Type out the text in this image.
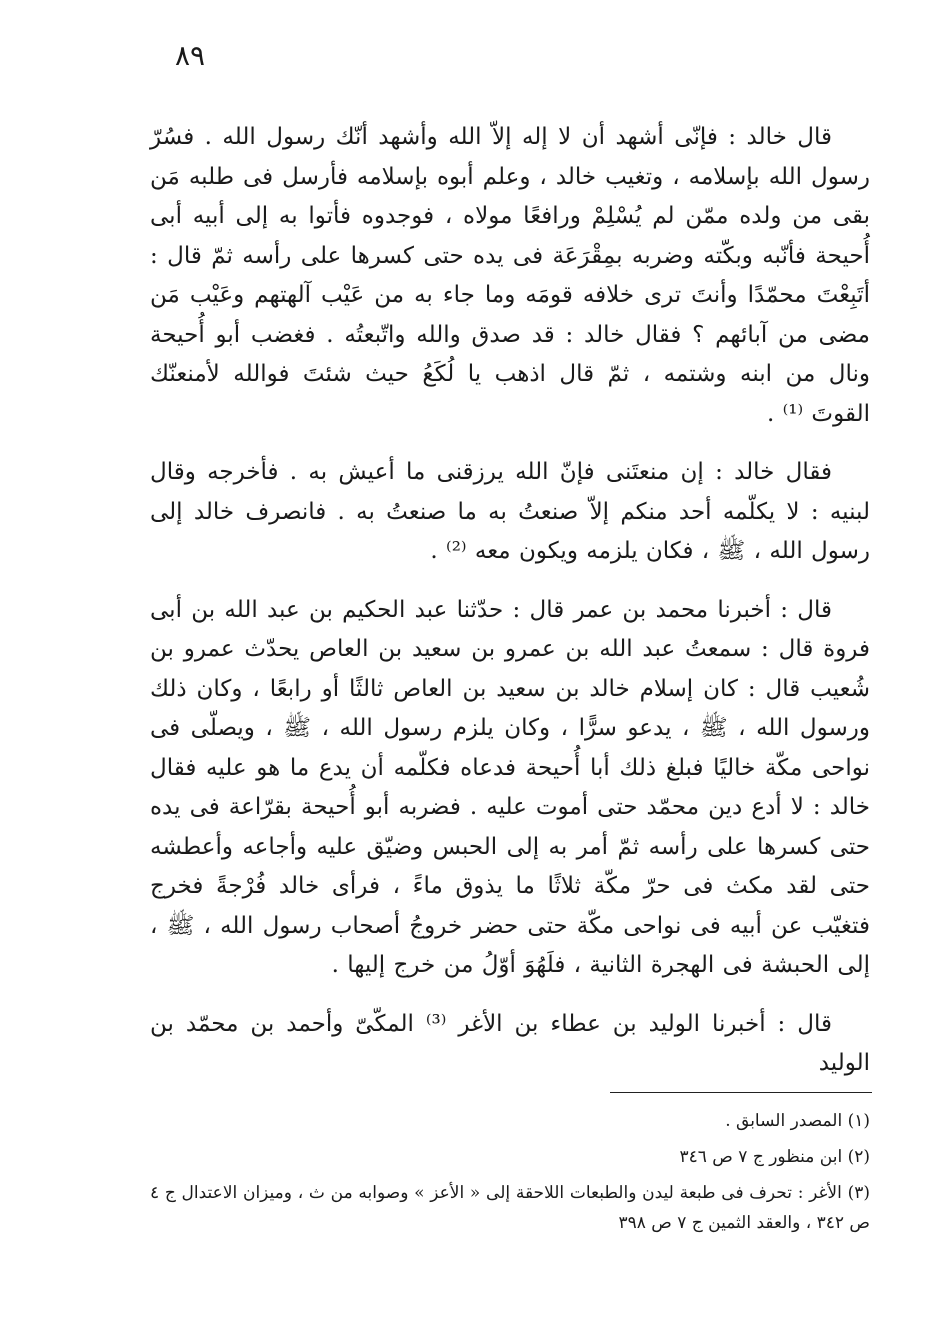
٨٩

قال خالد : فإنّى أشهد أن لا إله إلاّ الله وأشهد أنّك رسول الله . فسُرّ رسول الله بإسلامه ، وتغيب خالد ، وعلم أبوه بإسلامه فأرسل فى طلبه مَن بقى من ولده ممّن لم يُسْلِمْ ورافعًا مولاه ، فوجدوه فأتوا به إلى أبيه أبى أُحيحة فأنّبه وبكّته وضربه بمِقْرَعَة فى يده حتى كسرها على رأسه ثمّ قال : أتَبِعْتَ محمّدًا وأنتَ ترى خلافه قومَه وما جاء به من عَيْب آلهتهم وعَيْب مَن مضى من آبائهم ؟ فقال خالد : قد صدق والله واتّبعتُه . فغضب أبو أُحيحة ونال من ابنه وشتمه ، ثمّ قال اذهب يا لُكَعُ حيث شئتَ فوالله لأمنعنّك القوتَ ⁽¹⁾ .

فقال خالد : إن منعتَنى فإنّ الله يرزقنى ما أعيش به . فأخرجه وقال لبنيه : لا يكلّمه أحد منكم إلاّ صنعتُ به ما صنعتُ به . فانصرف خالد إلى رسول الله ، ﷺ ، فكان يلزمه ويكون معه ⁽²⁾ .

قال : أخبرنا محمد بن عمر قال : حدّثنا عبد الحكيم بن عبد الله بن أبى فروة قال : سمعتُ عبد الله بن عمرو بن سعيد بن العاص يحدّث عمرو بن شُعيب قال : كان إسلام خالد بن سعيد بن العاص ثالثًا أو رابعًا ، وكان ذلك ورسول الله ، ﷺ ، يدعو سرًّا ، وكان يلزم رسول الله ، ﷺ ، ويصلّى فى نواحى مكّة خاليًا فبلغ ذلك أبا أُحيحة فدعاه فكلّمه أن يدع ما هو عليه فقال خالد : لا أدع دين محمّد حتى أموت عليه . فضربه أبو أُحيحة بقرّاعة فى يده حتى كسرها على رأسه ثمّ أمر به إلى الحبس وضيّق عليه وأجاعه وأعطشه حتى لقد مكث فى حرّ مكّة ثلاثًا ما يذوق ماءً ، فرأى خالد فُرْجةً فخرج فتغيّب عن أبيه فى نواحى مكّة حتى حضر خروجُ أصحاب رسول الله ، ﷺ ، إلى الحبشة فى الهجرة الثانية ، فلَهُوَ أوّلُ من خرج إليها .

قال : أخبرنا الوليد بن عطاء بن الأغر ⁽³⁾ المكّىّ وأحمد بن محمّد بن الوليد

(١) المصدر السابق .

(٢) ابن منظور ج ٧ ص ٣٤٦

(٣) الأغر : تحرف فى طبعة ليدن والطبعات اللاحقة إلى « الأعز » وصوابه من ث ، وميزان الاعتدال ج ٤ ص ٣٤٢ ، والعقد الثمين ج ٧ ص ٣٩٨
